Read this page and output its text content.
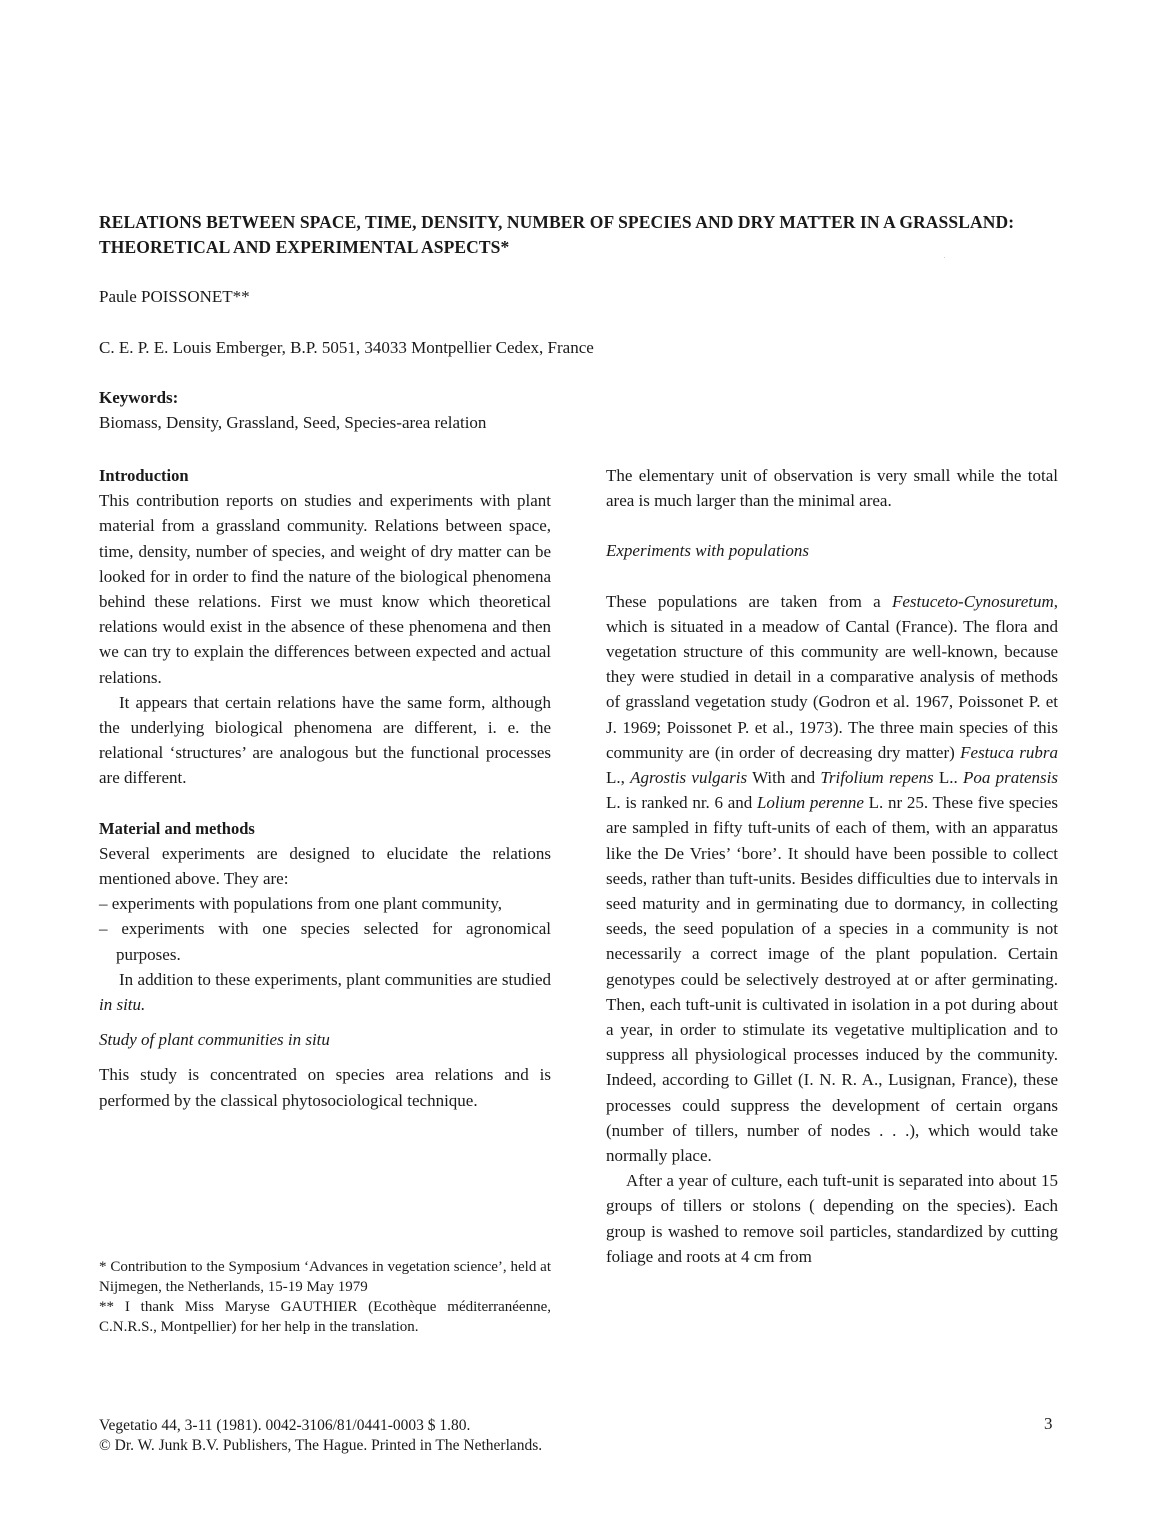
RELATIONS BETWEEN SPACE, TIME, DENSITY, NUMBER OF SPECIES AND DRY MATTER IN A GRASSLAND: THEORETICAL AND EXPERIMENTAL ASPECTS*
Paule POISSONET**
C. E. P. E. Louis Emberger, B.P. 5051, 34033 Montpellier Cedex, France
Keywords:
Biomass, Density, Grassland, Seed, Species-area relation

Introduction

This contribution reports on studies and experiments with plant material from a grassland community. Relations between space, time, density, number of species, and weight of dry matter can be looked for in order to find the nature of the biological phenomena behind these relations. First we must know which theoretical relations would exist in the absence of these phenomena and then we can try to explain the differences between expected and actual relations.

It appears that certain relations have the same form, although the underlying biological phenomena are different, i. e. the relational ‘structures’ are analogous but the functional processes are different.

Material and methods

Several experiments are designed to elucidate the relations mentioned above. They are:

– experiments with populations from one plant community,

– experiments with one species selected for agronomical purposes.

In addition to these experiments, plant communities are studied in situ.

Study of plant communities in situ

This study is concentrated on species area relations and is performed by the classical phytosociological technique.

* Contribution to the Symposium ‘Advances in vegetation science’, held at Nijmegen, the Netherlands, 15-19 May 1979

** I thank Miss Maryse GAUTHIER (Ecothèque méditerranéenne, C.N.R.S., Montpellier) for her help in the translation.

The elementary unit of observation is very small while the total area is much larger than the minimal area.

Experiments with populations

These populations are taken from a Festuceto-Cynosuretum, which is situated in a meadow of Cantal (France). The flora and vegetation structure of this community are well-known, because they were studied in detail in a comparative analysis of methods of grassland vegetation study (Godron et al. 1967, Poissonet P. et J. 1969; Poissonet P. et al., 1973). The three main species of this community are (in order of decreasing dry matter) Festuca rubra L., Agrostis vulgaris With and Trifolium repens L.. Poa pratensis L. is ranked nr. 6 and Lolium perenne L. nr 25. These five species are sampled in fifty tuft-units of each of them, with an apparatus like the De Vries’ ‘bore’. It should have been possible to collect seeds, rather than tuft-units. Besides difficulties due to intervals in seed maturity and in germinating due to dormancy, in collecting seeds, the seed population of a species in a community is not necessarily a correct image of the plant population. Certain genotypes could be selectively destroyed at or after germinating. Then, each tuft-unit is cultivated in isolation in a pot during about a year, in order to stimulate its vegetative multiplication and to suppress all physiological processes induced by the community. Indeed, according to Gillet (I. N. R. A., Lusignan, France), these processes could suppress the development of certain organs (number of tillers, number of nodes . . .), which would take normally place.

After a year of culture, each tuft-unit is separated into about 15 groups of tillers or stolons ( depending on the species). Each group is washed to remove soil particles, standardized by cutting foliage and roots at 4 cm from

Vegetatio 44, 3-11 (1981). 0042-3106/81/0441-0003 $ 1.80.
© Dr. W. Junk B.V. Publishers, The Hague. Printed in The Netherlands.
3
